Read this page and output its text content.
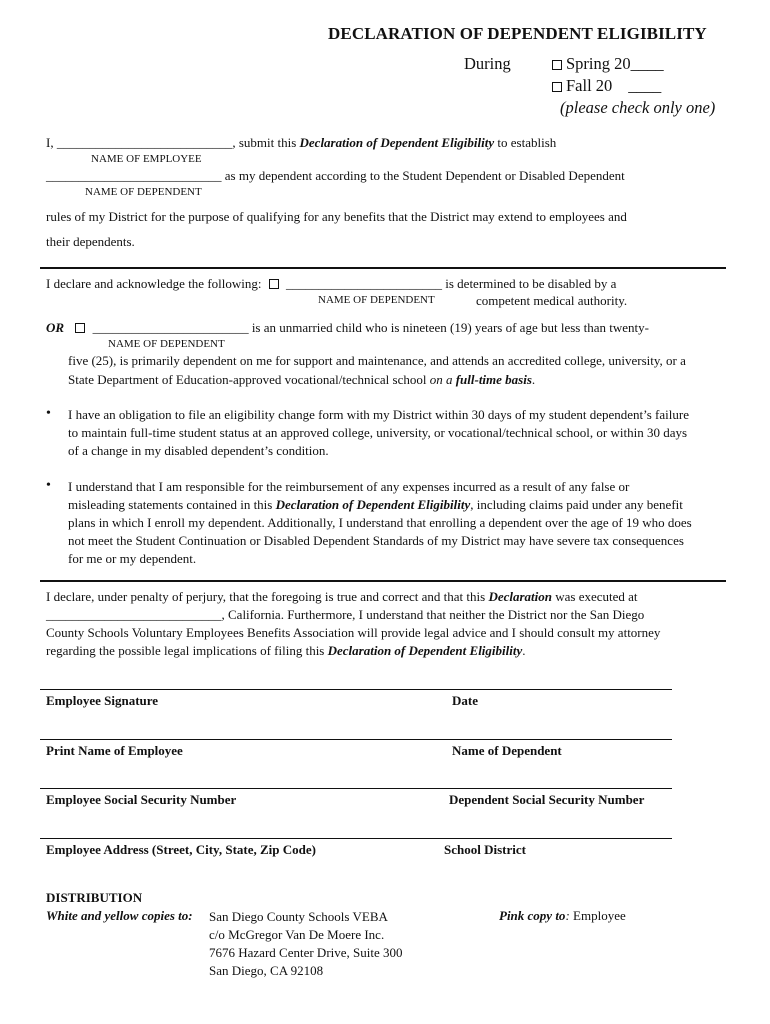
DECLARATION OF DEPENDENT ELIGIBILITY
During	Spring 20____
Fall 20 ____
(please check only one)
I, ___________________________, submit this Declaration of Dependent Eligibility to establish
NAME OF EMPLOYEE
___________________________ as my dependent according to the Student Dependent or Disabled Dependent
NAME OF DEPENDENT
rules of my District for the purpose of qualifying for any benefits that the District may extend to employees and
their dependents.
I declare and acknowledge the following: ________________________ is determined to be disabled by a
NAME OF DEPENDENT	competent medical authority.
OR ________________________ is an unmarried child who is nineteen (19) years of age but less than twenty-
NAME OF DEPENDENT
five (25), is primarily dependent on me for support and maintenance, and attends an accredited college, university, or a
State Department of Education-approved vocational/technical school on a full-time basis.
• I have an obligation to file an eligibility change form with my District within 30 days of my student dependent’s failure
to maintain full-time student status at an approved college, university, or vocational/technical school, or within 30 days
of a change in my disabled dependent’s condition.
• I understand that I am responsible for the reimbursement of any expenses incurred as a result of any false or
misleading statements contained in this Declaration of Dependent Eligibility, including claims paid under any benefit
plans in which I enroll my dependent. Additionally, I understand that enrolling a dependent over the age of 19 who does
not meet the Student Continuation or Disabled Dependent Standards of my District may have severe tax consequences
for me or my dependent.
I declare, under penalty of perjury, that the foregoing is true and correct and that this Declaration was executed at
___________________________, California. Furthermore, I understand that neither the District nor the San Diego
County Schools Voluntary Employees Benefits Association will provide legal advice and I should consult my attorney
regarding the possible legal implications of filing this Declaration of Dependent Eligibility.
Employee Signature	Date
Print Name of Employee	Name of Dependent
Employee Social Security Number	Dependent Social Security Number
Employee Address (Street, City, State, Zip Code)	School District
DISTRIBUTION
White and yellow copies to: San Diego County Schools VEBA
c/o McGregor Van De Moere Inc.
7676 Hazard Center Drive, Suite 300
San Diego, CA 92108
Pink copy to: Employee
